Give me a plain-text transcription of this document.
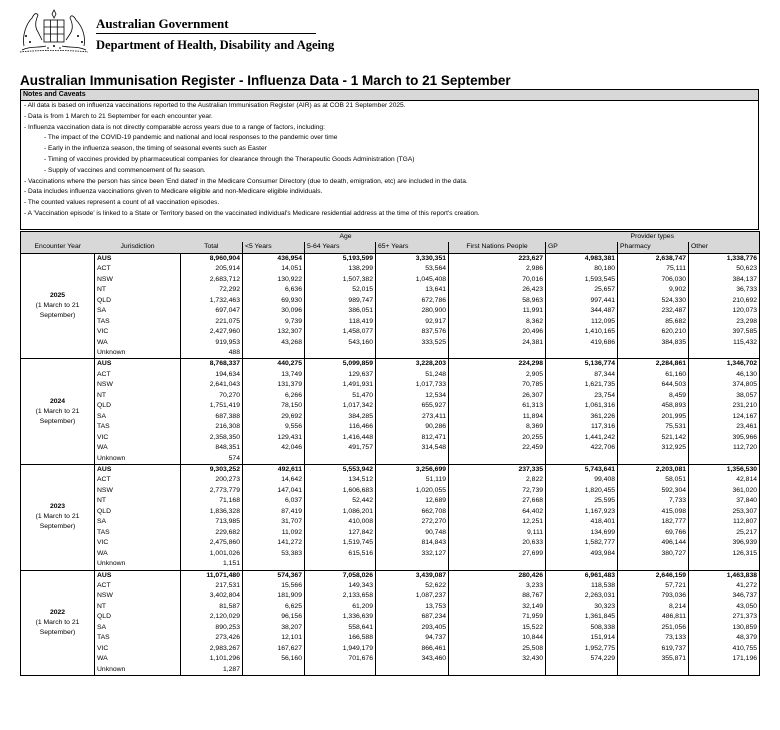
Australian Government
Department of Health, Disability and Ageing
Australian Immunisation Register - Influenza Data - 1 March to 21 September
Notes and Caveats
- All data is based on influenza vaccinations reported to the Australian Immunisation Register (AIR) as at COB 21 September 2025.
- Data is from 1 March to 21 September for each encounter year.
- Influenza vaccination data is not directly comparable across years due to a range of factors, including:
- The impact of the COVID-19 pandemic and national and local responses to the pandemic over time
- Early in the influenza season, the timing of seasonal events such as Easter
- Timing of vaccines provided by pharmaceutical companies for clearance through the Therapeutic Goods Administration (TGA)
- Supply of vaccines and commencement of flu season.
- Vaccinations where the person has since been 'End dated' in the Medicare Consumer Directory (due to death, emigration, etc) are included in the data.
- Data includes influenza vaccinations given to Medicare eligible and non-Medicare eligible individuals.
- The counted values represent a count of all vaccination episodes.
- A 'Vaccination episode' is linked to a State or Territory based on the vaccinated individual's Medicare residential address at the time of this report's creation.
			Age				Provider types		
Encounter Year	Jurisdiction	Total	<5 Years	5-64 Years	65+ Years	First Nations People	GP	Pharmacy	Other

2025
(1 March to 21 September)	AUS	8,960,904	436,954	5,193,599	3,330,351	223,627	4,983,381	2,638,747	1,338,776
	ACT	205,914	14,051	138,299	53,564	2,986	80,180	75,111	50,623
	NSW	2,683,712	130,922	1,507,382	1,045,408	70,016	1,593,545	706,030	384,137
	NT	72,292	6,636	52,015	13,641	26,423	25,657	9,902	36,733
	QLD	1,732,463	69,930	989,747	672,786	58,963	997,441	524,330	210,692
	SA	697,047	30,096	386,051	280,900	11,991	344,487	232,487	120,073
	TAS	221,075	9,739	118,419	92,917	8,362	112,095	85,682	23,298
	VIC	2,427,960	132,307	1,458,077	837,576	20,496	1,410,165	620,210	397,585
	WA	919,953	43,268	543,160	333,525	24,381	419,686	384,835	115,432
	Unknown	488							

2024
(1 March to 21 September)	AUS	8,768,337	440,275	5,099,859	3,228,203	224,298	5,136,774	2,284,861	1,346,702
	ACT	194,634	13,749	129,637	51,248	2,905	87,344	61,160	46,130
	NSW	2,641,043	131,379	1,491,931	1,017,733	70,785	1,621,735	644,503	374,805
	NT	70,270	6,266	51,470	12,534	26,307	23,754	8,459	38,057
	QLD	1,751,419	78,150	1,017,342	655,927	61,313	1,061,316	458,893	231,210
	SA	687,388	29,692	384,285	273,411	11,894	361,226	201,995	124,167
	TAS	216,308	9,556	116,466	90,286	8,369	117,316	75,531	23,461
	VIC	2,358,350	129,431	1,416,448	812,471	20,255	1,441,242	521,142	395,966
	WA	848,351	42,046	491,757	314,548	22,459	422,706	312,925	112,720
	Unknown	574							

2023
(1 March to 21 September)	AUS	9,303,252	492,611	5,553,942	3,256,699	237,335	5,743,641	2,203,081	1,356,530
	ACT	200,273	14,642	134,512	51,119	2,822	99,408	58,051	42,814
	NSW	2,773,779	147,041	1,606,683	1,020,055	72,739	1,820,455	592,304	361,020
	NT	71,168	6,037	52,442	12,689	27,668	25,595	7,733	37,840
	QLD	1,836,328	87,419	1,086,201	662,708	64,402	1,167,923	415,098	253,307
	SA	713,985	31,707	410,008	272,270	12,251	418,401	182,777	112,807
	TAS	229,682	11,092	127,842	90,748	9,111	134,699	69,766	25,217
	VIC	2,475,860	141,272	1,519,745	814,843	20,633	1,582,777	496,144	396,939
	WA	1,001,026	53,383	615,516	332,127	27,699	493,984	380,727	126,315
	Unknown	1,151							

2022
(1 March to 21 September)	AUS	11,071,480	574,367	7,058,026	3,439,087	280,426	6,961,483	2,646,159	1,463,838
	ACT	217,531	15,566	149,343	52,622	3,233	118,538	57,721	41,272
	NSW	3,402,804	181,909	2,133,658	1,087,237	88,767	2,263,031	793,036	346,737
	NT	81,587	6,625	61,209	13,753	32,149	30,323	8,214	43,050
	QLD	2,120,029	96,156	1,336,639	687,234	71,959	1,361,845	486,811	271,373
	SA	890,253	38,207	558,641	293,405	15,522	508,338	251,056	130,859
	TAS	273,426	12,101	166,588	94,737	10,844	151,914	73,133	48,379
	VIC	2,983,267	167,627	1,949,179	866,461	25,508	1,952,775	619,737	410,755
	WA	1,101,296	56,160	701,676	343,460	32,430	574,229	355,871	171,196
	Unknown	1,287							
